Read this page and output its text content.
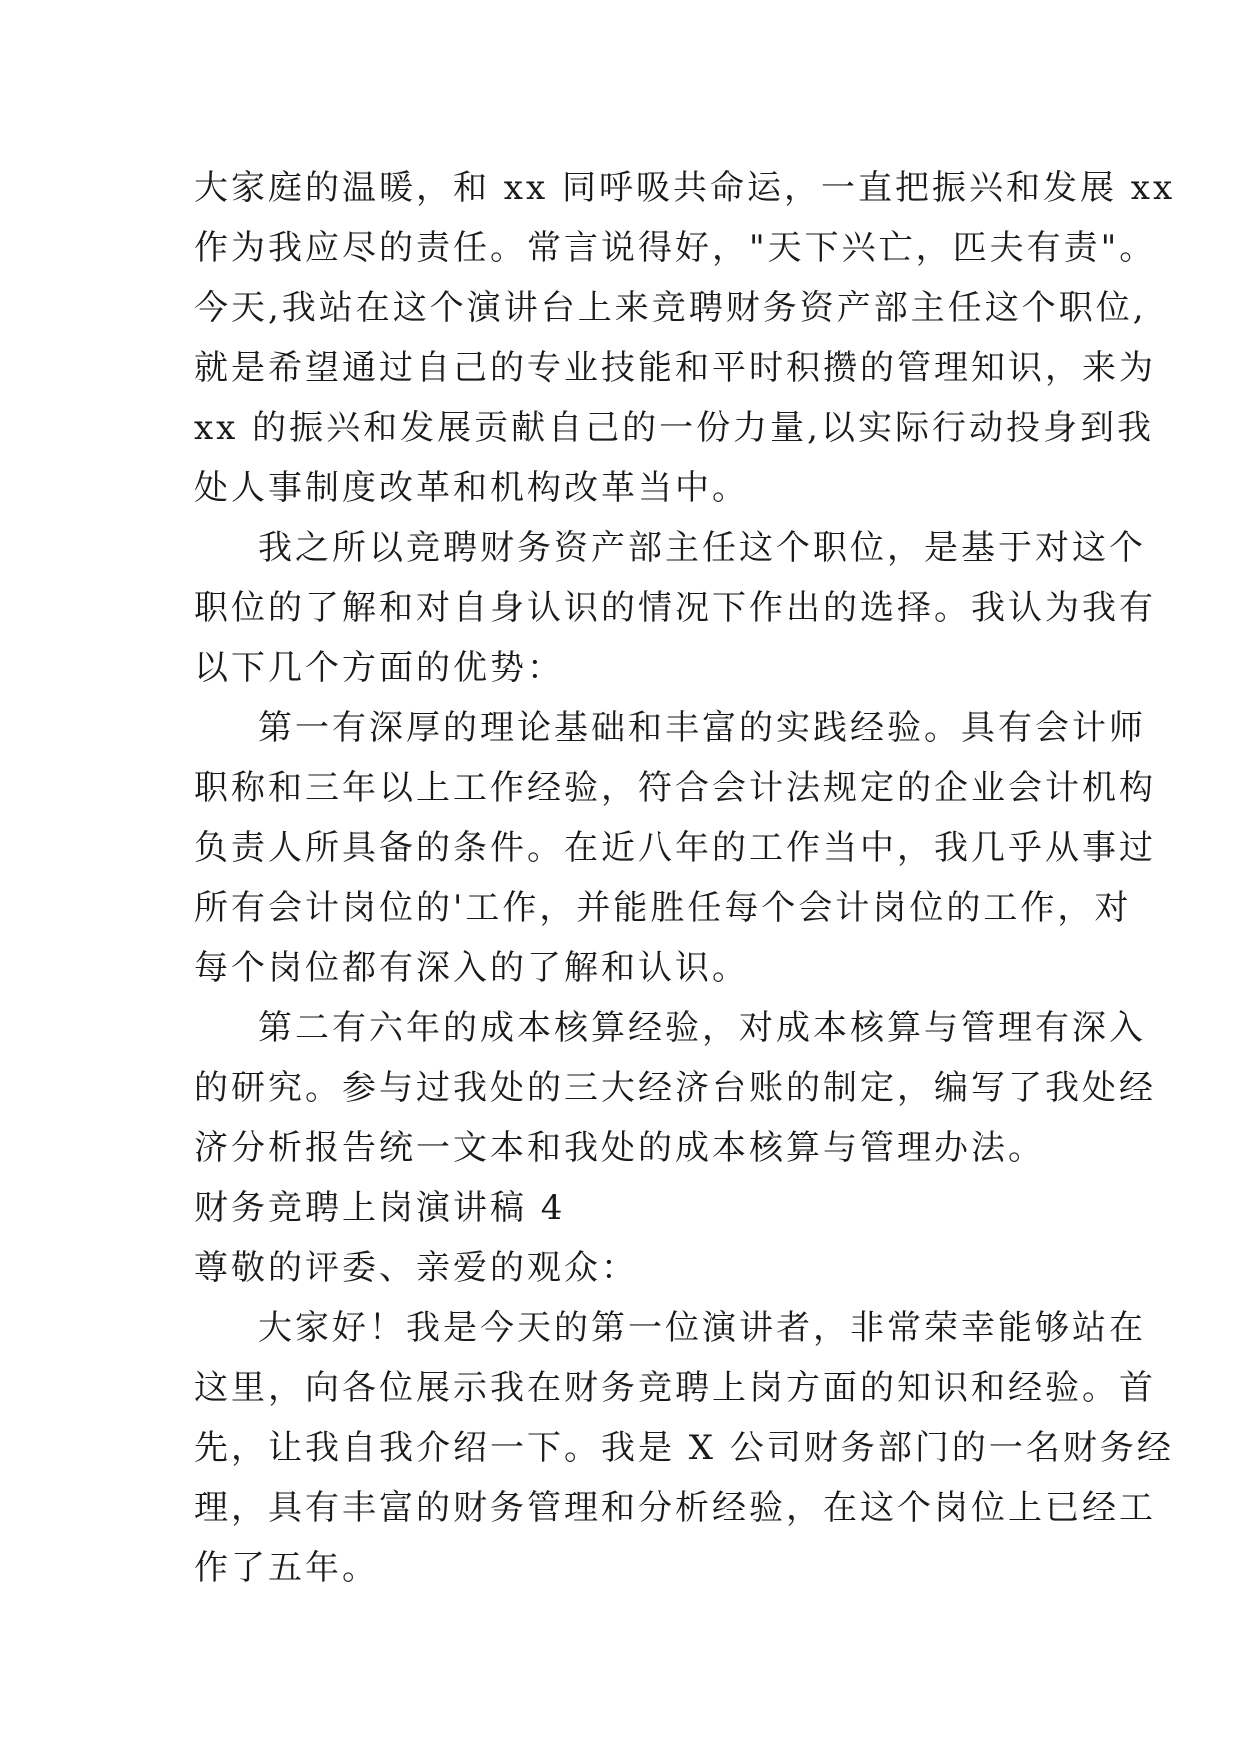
大家庭的温暖，和 xx 同呼吸共命运，一直把振兴和发展 xx
作为我应尽的责任。常言说得好，"天下兴亡，匹夫有责"。
今天,我站在这个演讲台上来竞聘财务资产部主任这个职位,
就是希望通过自己的专业技能和平时积攒的管理知识，来为
xx 的振兴和发展贡献自己的一份力量,以实际行动投身到我
处人事制度改革和机构改革当中。
我之所以竞聘财务资产部主任这个职位，是基于对这个
职位的了解和对自身认识的情况下作出的选择。我认为我有
以下几个方面的优势：
第一有深厚的理论基础和丰富的实践经验。具有会计师
职称和三年以上工作经验，符合会计法规定的企业会计机构
负责人所具备的条件。在近八年的工作当中，我几乎从事过
所有会计岗位的'工作，并能胜任每个会计岗位的工作，对
每个岗位都有深入的了解和认识。
第二有六年的成本核算经验，对成本核算与管理有深入
的研究。参与过我处的三大经济台账的制定，编写了我处经
济分析报告统一文本和我处的成本核算与管理办法。
财务竞聘上岗演讲稿 4
尊敬的评委、亲爱的观众：
大家好！我是今天的第一位演讲者，非常荣幸能够站在
这里，向各位展示我在财务竞聘上岗方面的知识和经验。首
先，让我自我介绍一下。我是 X 公司财务部门的一名财务经
理，具有丰富的财务管理和分析经验，在这个岗位上已经工
作了五年。
